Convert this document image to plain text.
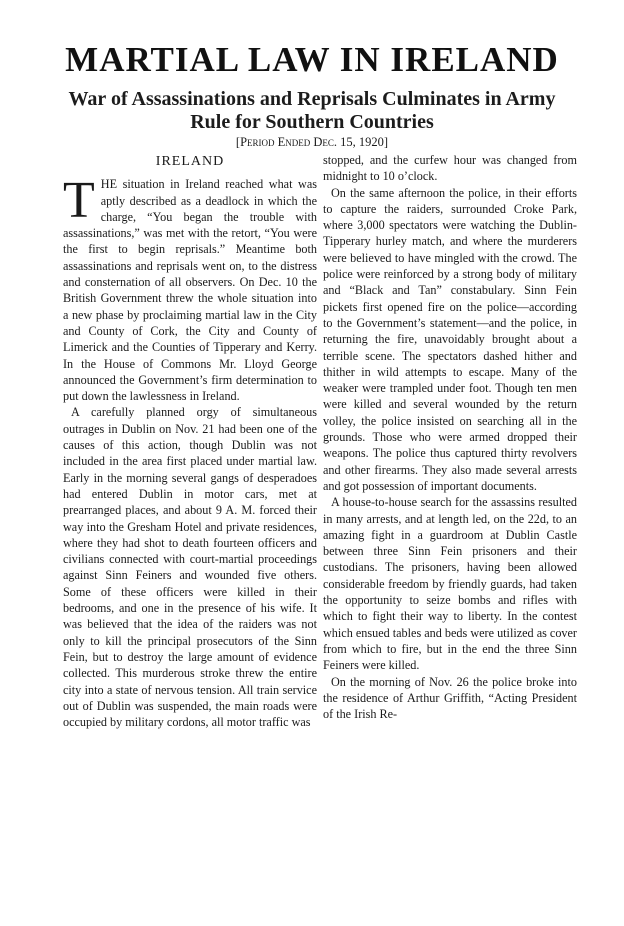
MARTIAL LAW IN IRELAND
War of Assassinations and Reprisals Culminates in Army Rule for Southern Countries
[Period Ended Dec. 15, 1920]
IRELAND

THE situation in Ireland reached what was aptly described as a deadlock in which the charge, “You began the trouble with assassinations,” was met with the retort, “You were the first to begin reprisals.” Meantime both assassinations and reprisals went on, to the distress and consternation of all observers. On Dec. 10 the British Government threw the whole situation into a new phase by proclaiming martial law in the City and County of Cork, the City and County of Limerick and the Counties of Tipperary and Kerry. In the House of Commons Mr. Lloyd George announced the Government’s firm determination to put down the lawlessness in Ireland.

A carefully planned orgy of simultaneous outrages in Dublin on Nov. 21 had been one of the causes of this action, though Dublin was not included in the area first placed under martial law. Early in the morning several gangs of desperadoes had entered Dublin in motor cars, met at prearranged places, and about 9 A. M. forced their way into the Gresham Hotel and private residences, where they had shot to death fourteen officers and civilians connected with court-martial proceedings against Sinn Feiners and wounded five others. Some of these officers were killed in their bedrooms, and one in the presence of his wife. It was believed that the idea of the raiders was not only to kill the principal prosecutors of the Sinn Fein, but to destroy the large amount of evidence collected. This murderous stroke threw the entire city into a state of nervous tension. All train service out of Dublin was suspended, the main roads were occupied by military cordons, all motor traffic was

stopped, and the curfew hour was changed from midnight to 10 o’clock.

On the same afternoon the police, in their efforts to capture the raiders, surrounded Croke Park, where 3,000 spectators were watching the Dublin-Tipperary hurley match, and where the murderers were believed to have mingled with the crowd. The police were reinforced by a strong body of military and “Black and Tan” constabulary. Sinn Fein pickets first opened fire on the police—according to the Government’s statement—and the police, in returning the fire, unavoidably brought about a terrible scene. The spectators dashed hither and thither in wild attempts to escape. Many of the weaker were trampled under foot. Though ten men were killed and several wounded by the return volley, the police insisted on searching all in the grounds. Those who were armed dropped their weapons. The police thus captured thirty revolvers and other firearms. They also made several arrests and got possession of important documents.

A house-to-house search for the assassins resulted in many arrests, and at length led, on the 22d, to an amazing fight in a guardroom at Dublin Castle between three Sinn Fein prisoners and their custodians. The prisoners, having been allowed considerable freedom by friendly guards, had taken the opportunity to seize bombs and rifles with which to fight their way to liberty. In the contest which ensued tables and beds were utilized as cover from which to fire, but in the end the three Sinn Feiners were killed.

On the morning of Nov. 26 the police broke into the residence of Arthur Griffith, “Acting President of the Irish Re-
